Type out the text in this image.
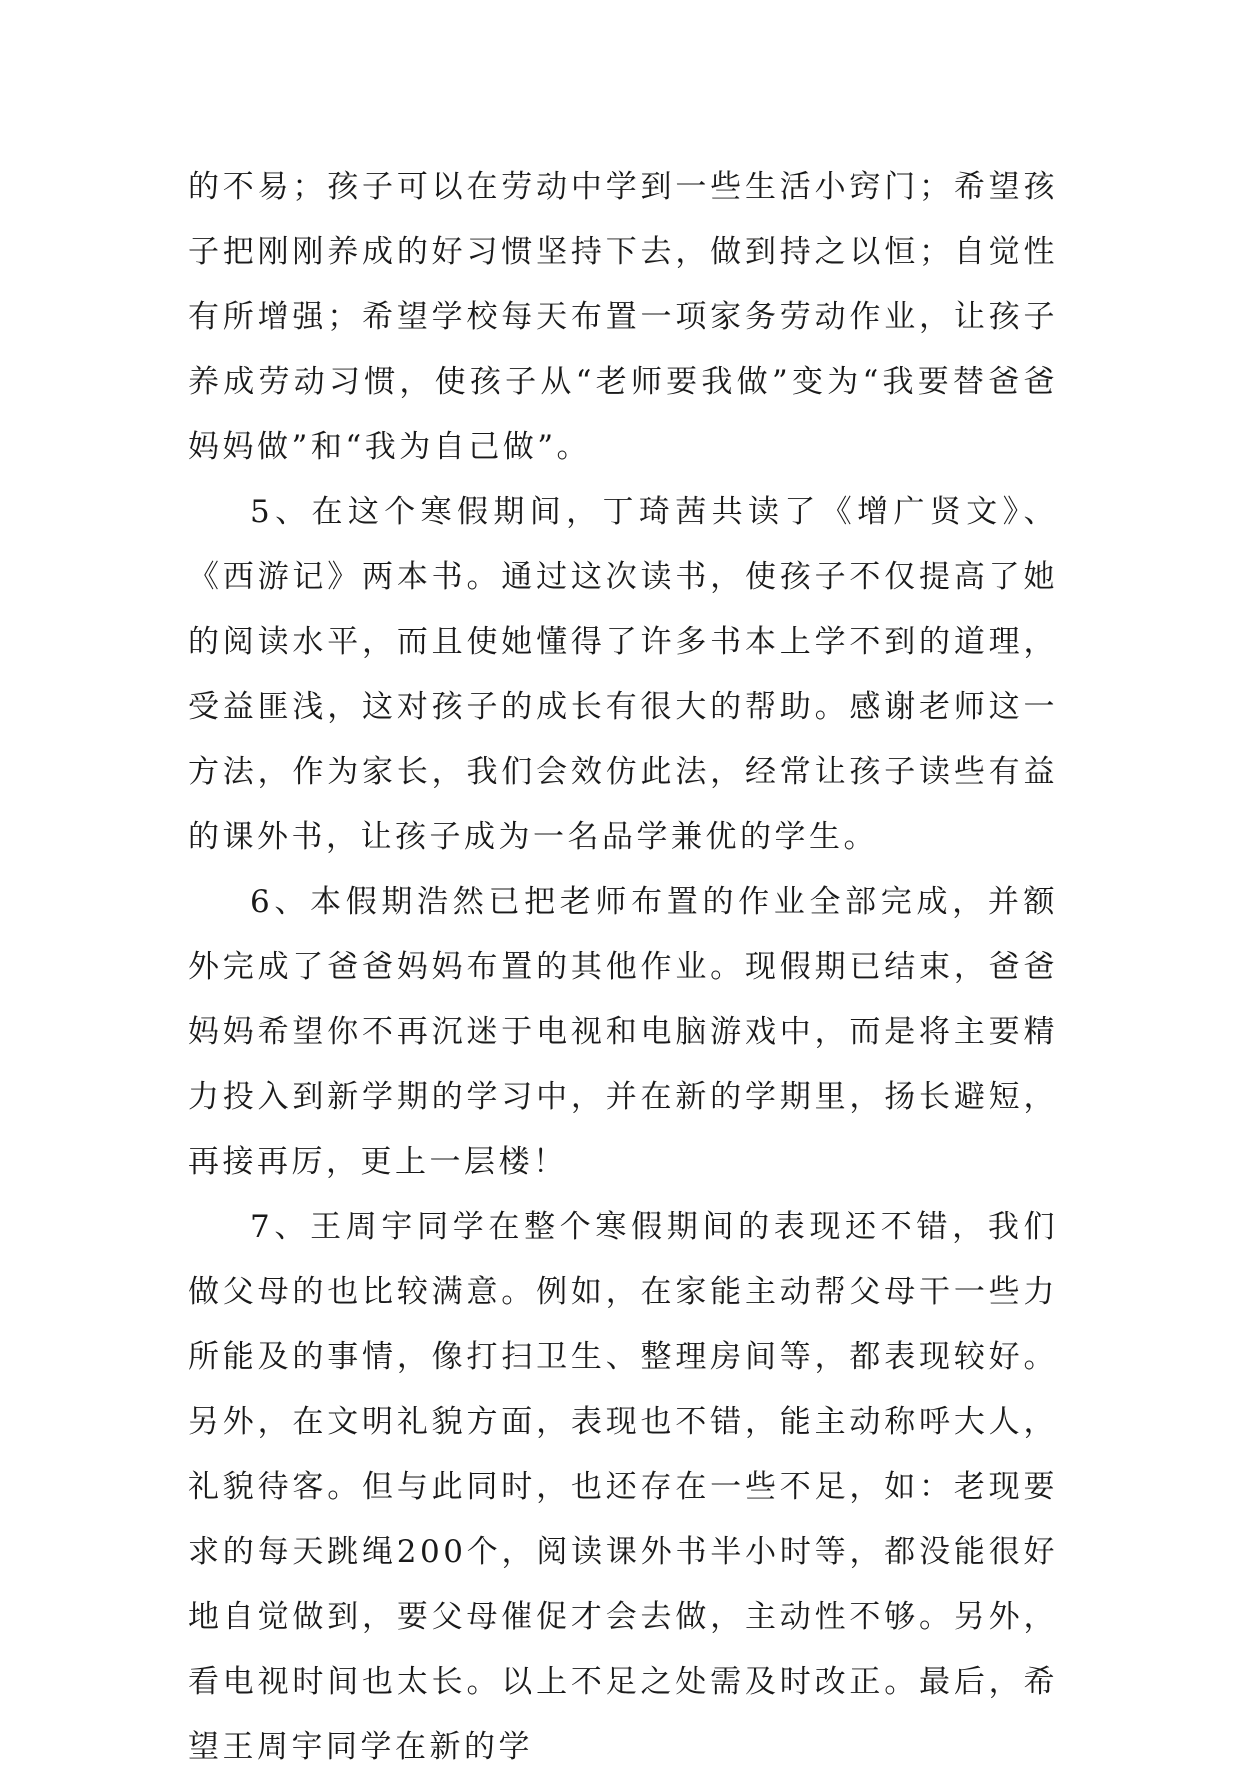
的不易；孩子可以在劳动中学到一些生活小窍门；希望孩子把刚刚养成的好习惯坚持下去，做到持之以恒；自觉性有所增强；希望学校每天布置一项家务劳动作业，让孩子养成劳动习惯，使孩子从“老师要我做”变为“我要替爸爸妈妈做”和“我为自己做”。

5、在这个寒假期间，丁琦茜共读了《增广贤文》、《西游记》两本书。通过这次读书，使孩子不仅提高了她的阅读水平，而且使她懂得了许多书本上学不到的道理，受益匪浅，这对孩子的成长有很大的帮助。感谢老师这一方法，作为家长，我们会效仿此法，经常让孩子读些有益的课外书，让孩子成为一名品学兼优的学生。

6、本假期浩然已把老师布置的作业全部完成，并额外完成了爸爸妈妈布置的其他作业。现假期已结束，爸爸妈妈希望你不再沉迷于电视和电脑游戏中，而是将主要精力投入到新学期的学习中，并在新的学期里，扬长避短，再接再厉，更上一层楼！

7、王周宇同学在整个寒假期间的表现还不错，我们做父母的也比较满意。例如，在家能主动帮父母干一些力所能及的事情，像打扫卫生、整理房间等，都表现较好。另外，在文明礼貌方面，表现也不错，能主动称呼大人，礼貌待客。但与此同时，也还存在一些不足，如：老现要求的每天跳绳200个，阅读课外书半小时等，都没能很好地自觉做到，要父母催促才会去做，主动性不够。另外，看电视时间也太长。以上不足之处需及时改正。最后，希望王周宇同学在新的学
